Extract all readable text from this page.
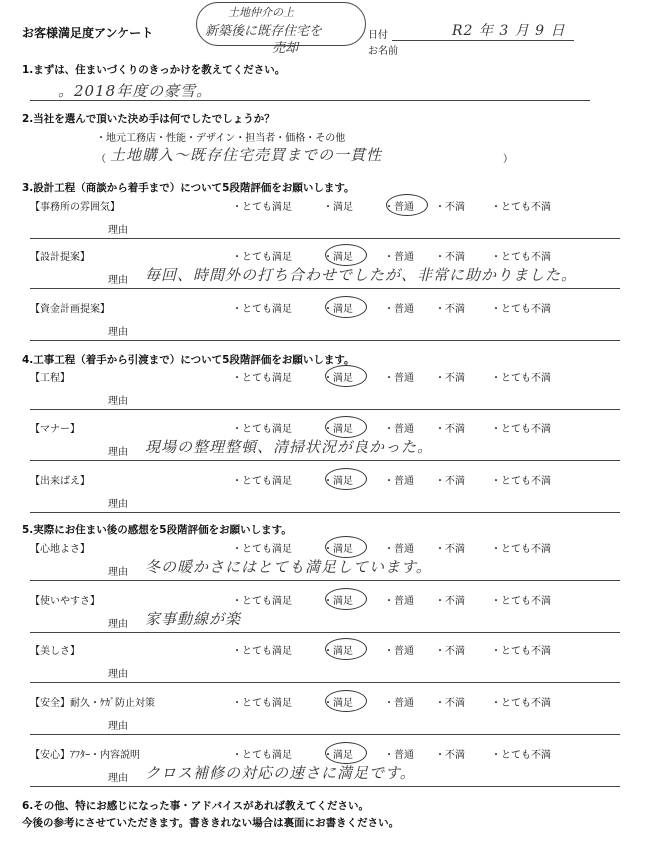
お客様満足度アンケート
土地仲介の上
新築後に既存住宅を
売却
日付	R2 年 3 月 9 日
お名前
1.まずは、住まいづくりのきっかけを教えてください。
。2018年度の豪雪。
2.当社を選んで頂いた決め手は何でしたでしょうか？
・地元工務店・性能・デザイン・担当者・価格・その他
（ 土地購入〜既存住宅売買までの一貫性	）
3.設計工程（商談から着手まで）について5段階評価をお願いします。
4.工事工程（着手から引渡まで）について5段階評価をお願いします。
5.実際にお住まい後の感想を5段階評価をお願いします。
6.その他、特にお感じになった事・アドバイスがあれば教えてください。
今後の参考にさせていただきます。書ききれない場合は裏面にお書きください。
【事務所の雰囲気】	・とても満足	・満足	・普通 ・不満	・とても不満
理由
【設計提案】	・とても満足	・満足	・普通 ・不満	・とても不満
理由 毎回、時間外の打ち合わせでしたが、非常に助かりました。
【資金計画提案】	・とても満足	・満足	・普通 ・不満	・とても不満
理由
【工程】	・とても満足	・満足	・普通 ・不満	・とても不満
理由
【マナー】	・とても満足	・満足	・普通 ・不満	・とても不満
理由 現場の整理整頓、清掃状況が良かった。
【出来ばえ】	・とても満足	・満足	・普通 ・不満	・とても不満
理由
【心地よさ】	・とても満足	・満足	・普通 ・不満	・とても不満
理由 冬の暖かさにはとても満足しています。
【使いやすさ】	・とても満足	・満足	・普通 ・不満	・とても不満
理由 家事動線が楽
【美しさ】	・とても満足	・満足	・普通 ・不満	・とても不満
理由
【安全】耐久・ｹｶﾞ防止対策	・とても満足	・満足	・普通 ・不満	・とても不満
理由
【安心】ｱﾌﾀｰ・内容説明	・とても満足	・満足	・普通 ・不満	・とても不満
理由 クロス補修の対応の速さに満足です。
